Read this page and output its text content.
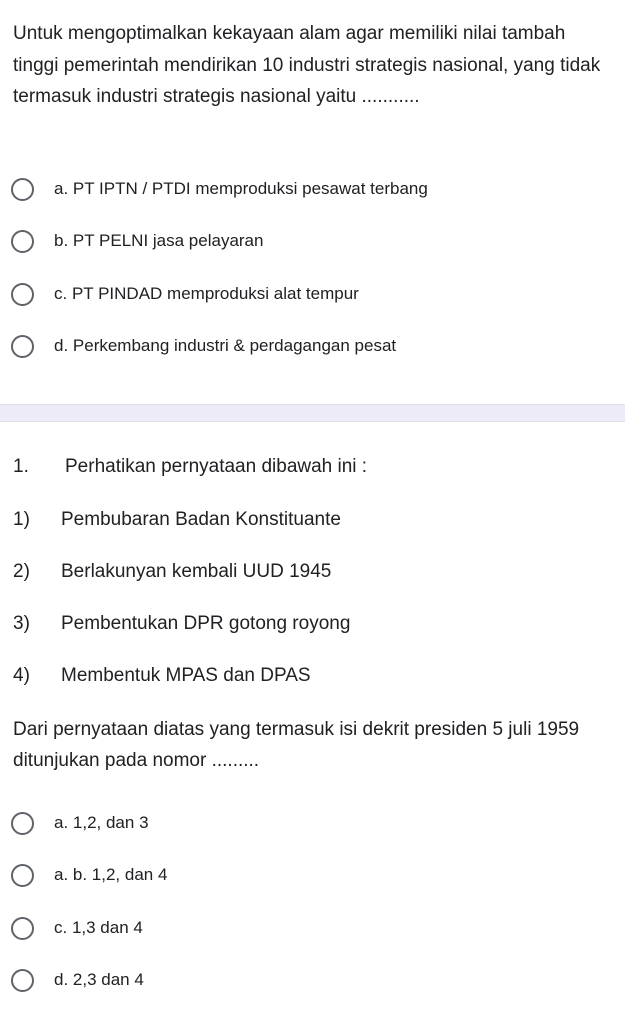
Untuk mengoptimalkan kekayaan alam agar memiliki nilai tambah tinggi pemerintah mendirikan 10 industri strategis nasional, yang tidak termasuk industri strategis nasional yaitu ...........
a. PT IPTN / PTDI memproduksi pesawat terbang
b. PT PELNI jasa pelayaran
c. PT PINDAD memproduksi alat tempur
d. Perkembang industri & perdagangan pesat
1. Perhatikan pernyataan dibawah ini :
1) Pembubaran Badan Konstituante
2) Berlakunyan kembali UUD 1945
3) Pembentukan DPR gotong royong
4) Membentuk MPAS dan DPAS
Dari pernyataan diatas yang termasuk isi dekrit presiden 5 juli 1959 ditunjukan pada nomor .........
a. 1,2, dan 3
a. b. 1,2, dan 4
c. 1,3 dan 4
d. 2,3 dan 4
